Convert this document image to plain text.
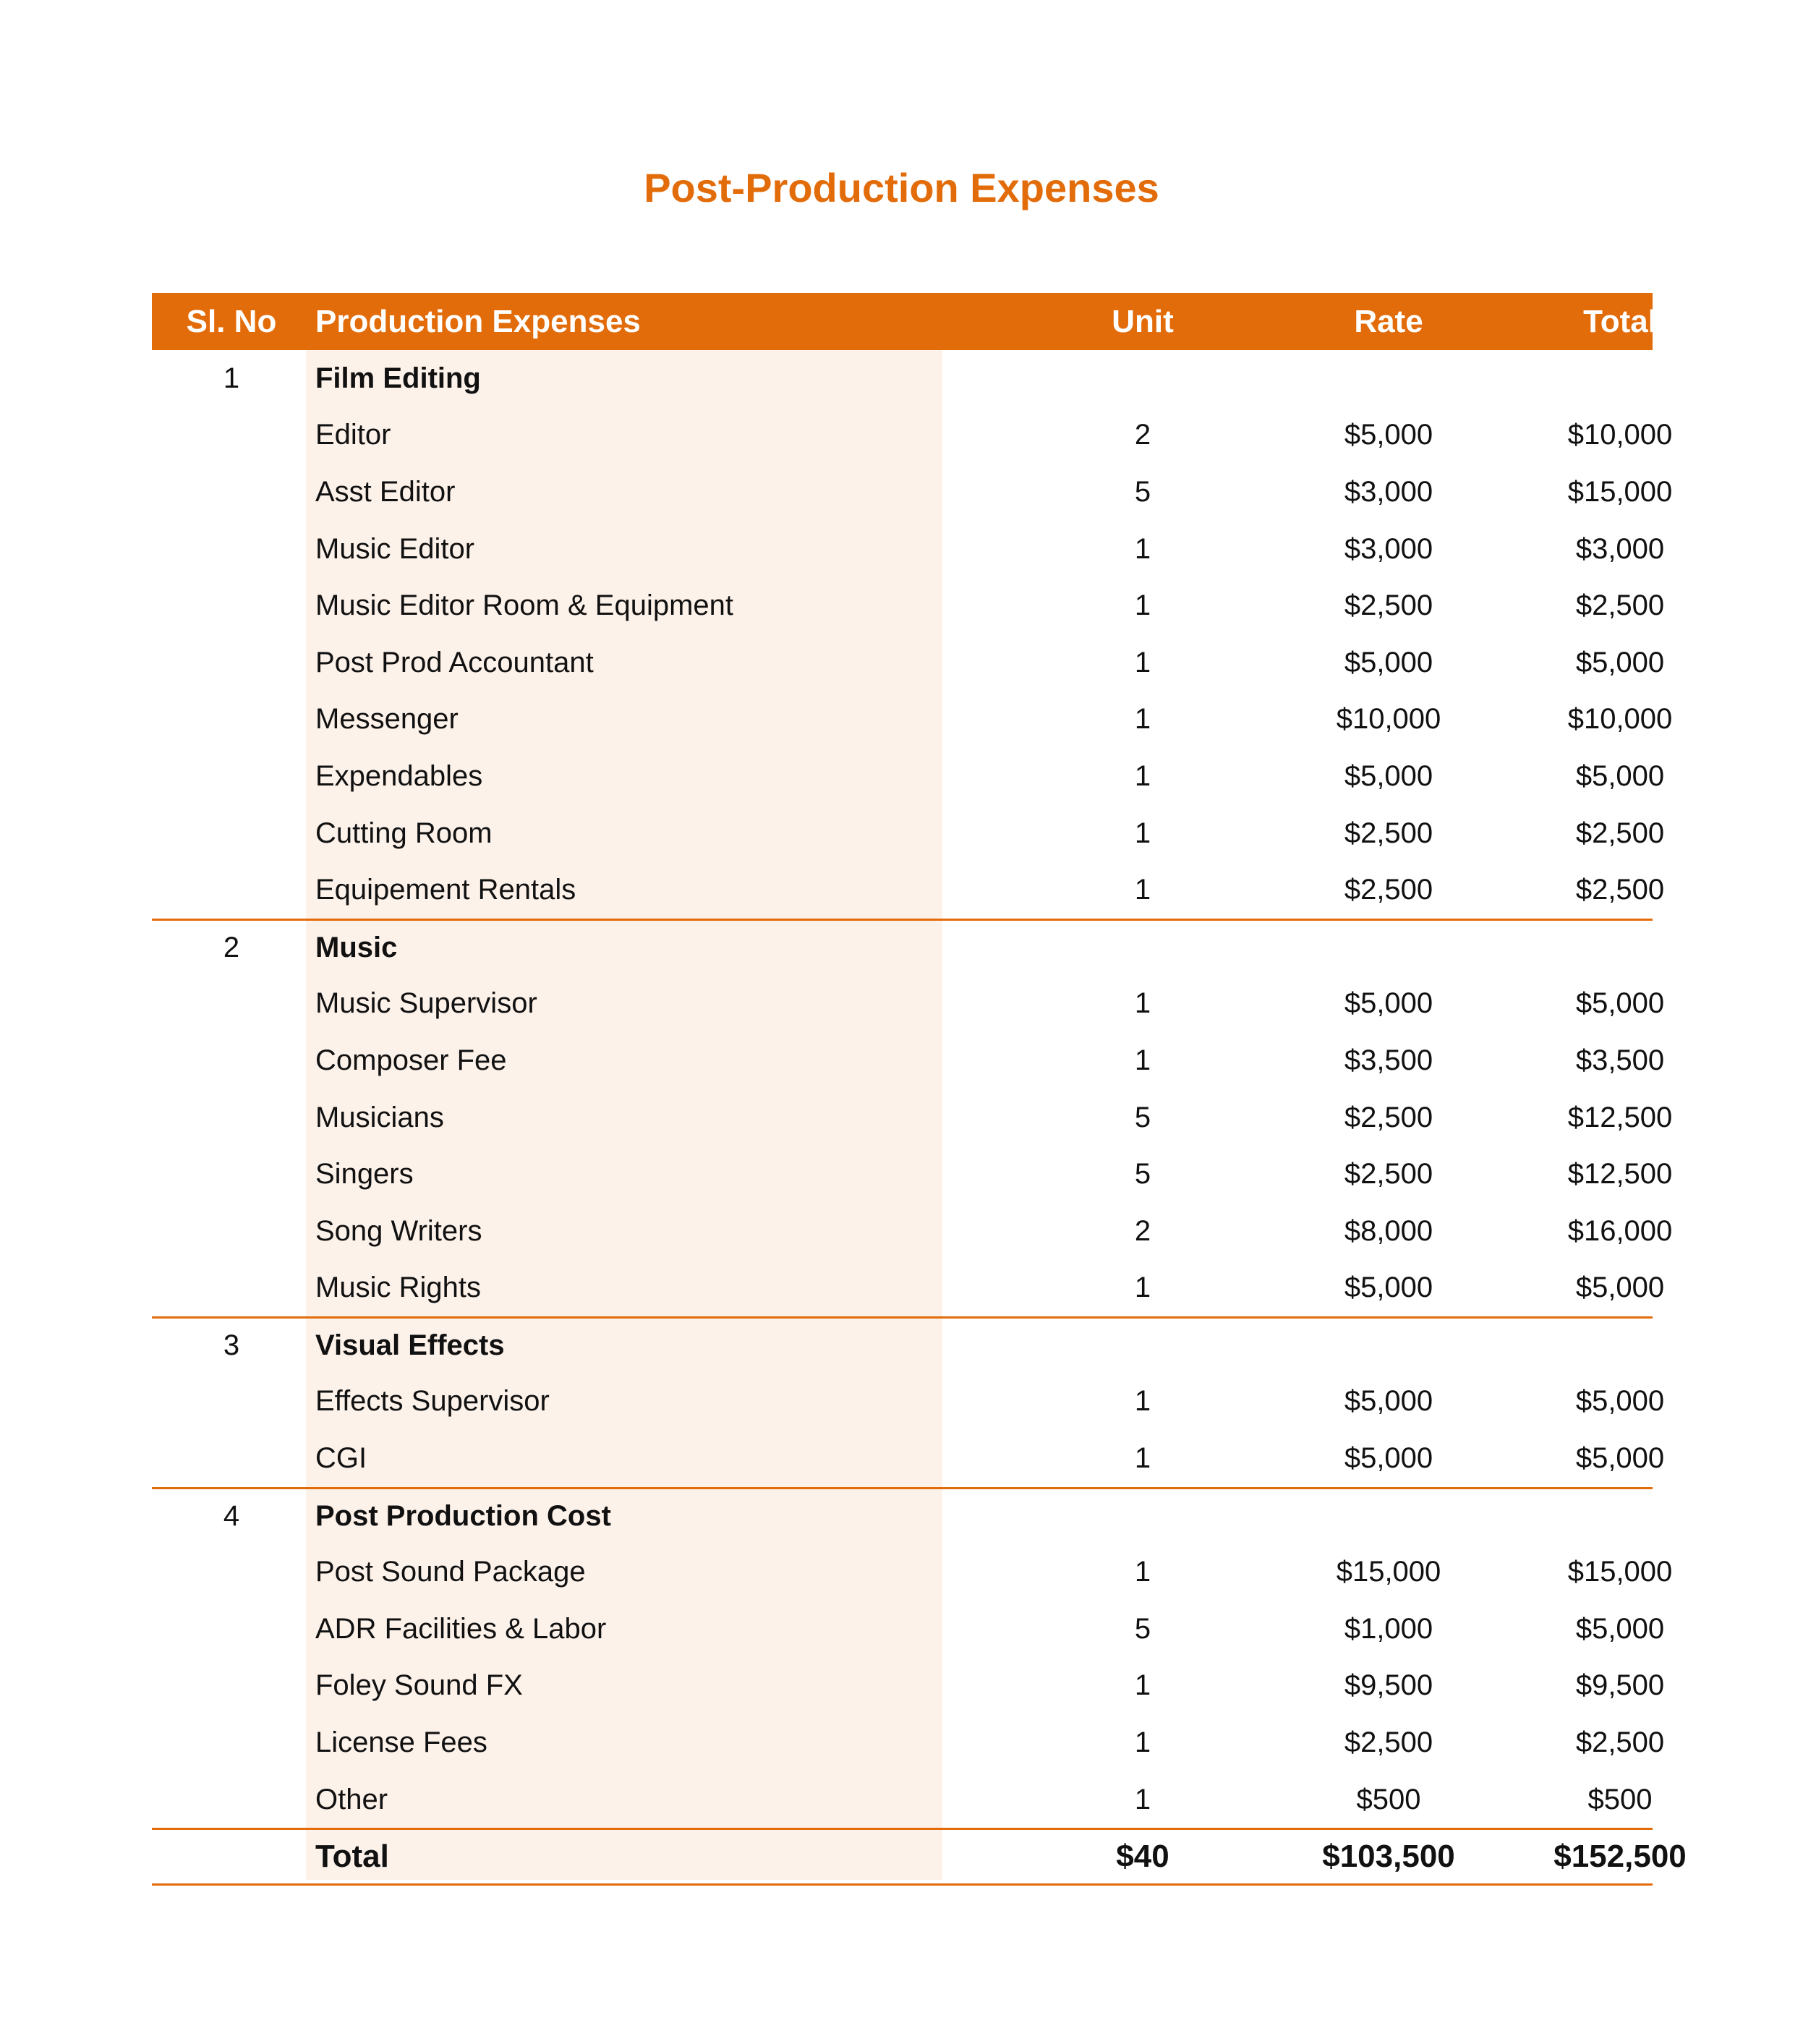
Post-Production Expenses
Sl. No	Production Expenses	Unit	Rate	Total
1	Film Editing
Editor	2	$5,000	$10,000
Asst Editor	5	$3,000	$15,000
Music Editor	1	$3,000	$3,000
Music Editor Room & Equipment	1	$2,500	$2,500
Post Prod Accountant	1	$5,000	$5,000
Messenger	1	$10,000	$10,000
Expendables	1	$5,000	$5,000
Cutting Room	1	$2,500	$2,500
Equipement Rentals	1	$2,500	$2,500
2	Music
Music Supervisor	1	$5,000	$5,000
Composer Fee	1	$3,500	$3,500
Musicians	5	$2,500	$12,500
Singers	5	$2,500	$12,500
Song Writers	2	$8,000	$16,000
Music Rights	1	$5,000	$5,000
3	Visual Effects
Effects Supervisor	1	$5,000	$5,000
CGI	1	$5,000	$5,000
4	Post Production Cost
Post Sound Package	1	$15,000	$15,000
ADR Facilities & Labor	5	$1,000	$5,000
Foley Sound FX	1	$9,500	$9,500
License Fees	1	$2,500	$2,500
Other	1	$500	$500
Total	$40	$103,500	$152,500
